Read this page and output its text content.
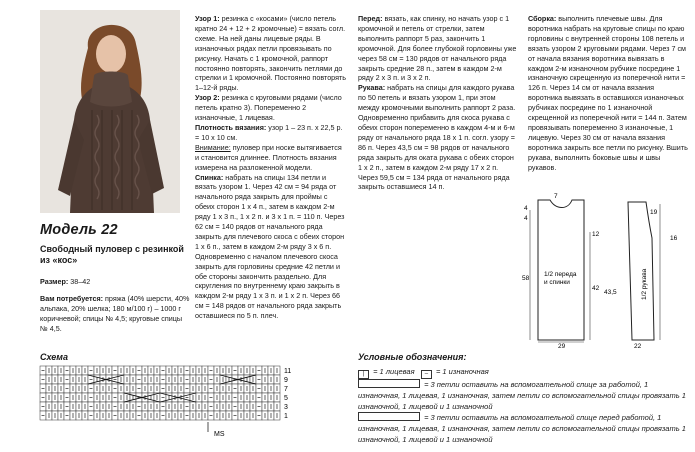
Модель 22
Свободный пуловер с резинкой из «кос»

Размер: 38–42

Вам потребуется: пряжа (40% шерсти, 40% альпака, 20% шелка; 180 м/100 г) – 1000 г коричневой; спицы № 4,5; круговые спицы № 4,5.

Узор 1: резинка с «косами» (число петель кратно 24 + 12 + 2 кромочные) = вязать согл. схеме. На ней даны лицевые ряды. В изнаночных рядах петли провязывать по рисунку. Начать с 1 кромочной, раппорт постоянно повторять, закончить петлями до стрелки и 1 кромочной. Постоянно повторять 1–12-й ряды.

Узор 2: резинка с круговыми рядами (число петель кратно 3). Попеременно 2 изнаночные, 1 лицевая.

Плотность вязания: узор 1 – 23 п. х 22,5 р. = 10 х 10 см.

Внимание: пуловер при носке вытягивается и становится длиннее. Плотность вязания измерена на разложенной модели.

Спинка: набрать на спицы 134 петли и вязать узором 1. Через 42 см = 94 ряда от начального ряда закрыть для проймы с обеих сторон 1 х 4 п., затем в каждом 2-м ряду 1 х 3 п., 1 х 2 п. и 3 х 1 п. = 110 п. Через 62 см = 140 рядов от начального ряда закрыть для плечевого скоса с обеих сторон 1 х 6 п., затем в каждом 2-м ряду 3 х 6 п. Одновременно с началом плечевого скоса закрыть для горловины средние 42 петли и обе стороны закончить раздельно. Для скругления по внутреннему краю закрыть в каждом 2-м ряду 1 х 3 п. и 1 х 2 п. Через 66 см = 148 рядов от начального ряда закрыть оставшиеся по 5 п. плеч.

Перед: вязать, как спинку, но начать узор с 1 кромочной и петель от стрелки, затем выполнить раппорт 5 раз, закончить 1 кромочной. Для более глубокой горловины уже через 58 см = 130 рядов от начального ряда закрыть средние 28 п., затем в каждом 2-м ряду 2 х 3 п. и 3 х 2 п.

Рукава: набрать на спицы для каждого рукава по 50 петель и вязать узором 1, при этом между кромочными выполнить раппорт 2 раза. Одновременно прибавить для скоса рукава с обеих сторон попеременно в каждом 4-м и 6-м ряду от начального ряда 18 х 1 п. согл. узору = 86 п. Через 43,5 см = 98 рядов от начального ряда закрыть для окатa рукава с обеих сторон 1 х 2 п., затем в каждом 2-м ряду 17 х 2 п. Через 59,5 см = 134 ряда от начального ряда закрыть оставшиеся 14 п.

Сборка: выполнить плечевые швы. Для воротника набрать на круговые спицы по краю горловины с внутренней стороны 108 петель и вязать узором 2 круговыми рядами. Через 7 см от начала вязания воротника вывязать в каждом 2-м изнаночном рубчике посредине 1 изнаночную скрещенную из поперечной нити = 126 п. Через 14 см от начала вязания воротника вывязать в оставшихся изнаночных рубчиках посредине по 1 изнаночной скрещенной из поперечной нити = 144 п. Затем провязывать попеременно 3 изнаночные, 1 лицевую. Через 30 см от начала вязания воротника закрыть все петли по рисунку. Вшить рукава, выполнить боковые швы и швы рукавов.

4
4
7
58
12
42
43,5
29
19
16
22
1/2 переда
и спинки	1/2 рукава
Схема
11
9
7
5
3
1
MS
Условные обозначения:
| = 1 лицевая – = 1 изнаночная
= 3 петли оставить на вспомогательной спице за работой, 1 изнаночная, 1 лицевая, 1 изнаночная, затем петли со вспомогательной спицы провязать 1 изнаночной, 1 лицевой и 1 изнаночной
= 3 петли оставить на вспомогательной спице перед работой, 1 изнаночная, 1 лицевая, 1 изнаночная, затем петли со вспомогательной спицы провязать 1 изнаночной, 1 лицевой и 1 изнаночной
